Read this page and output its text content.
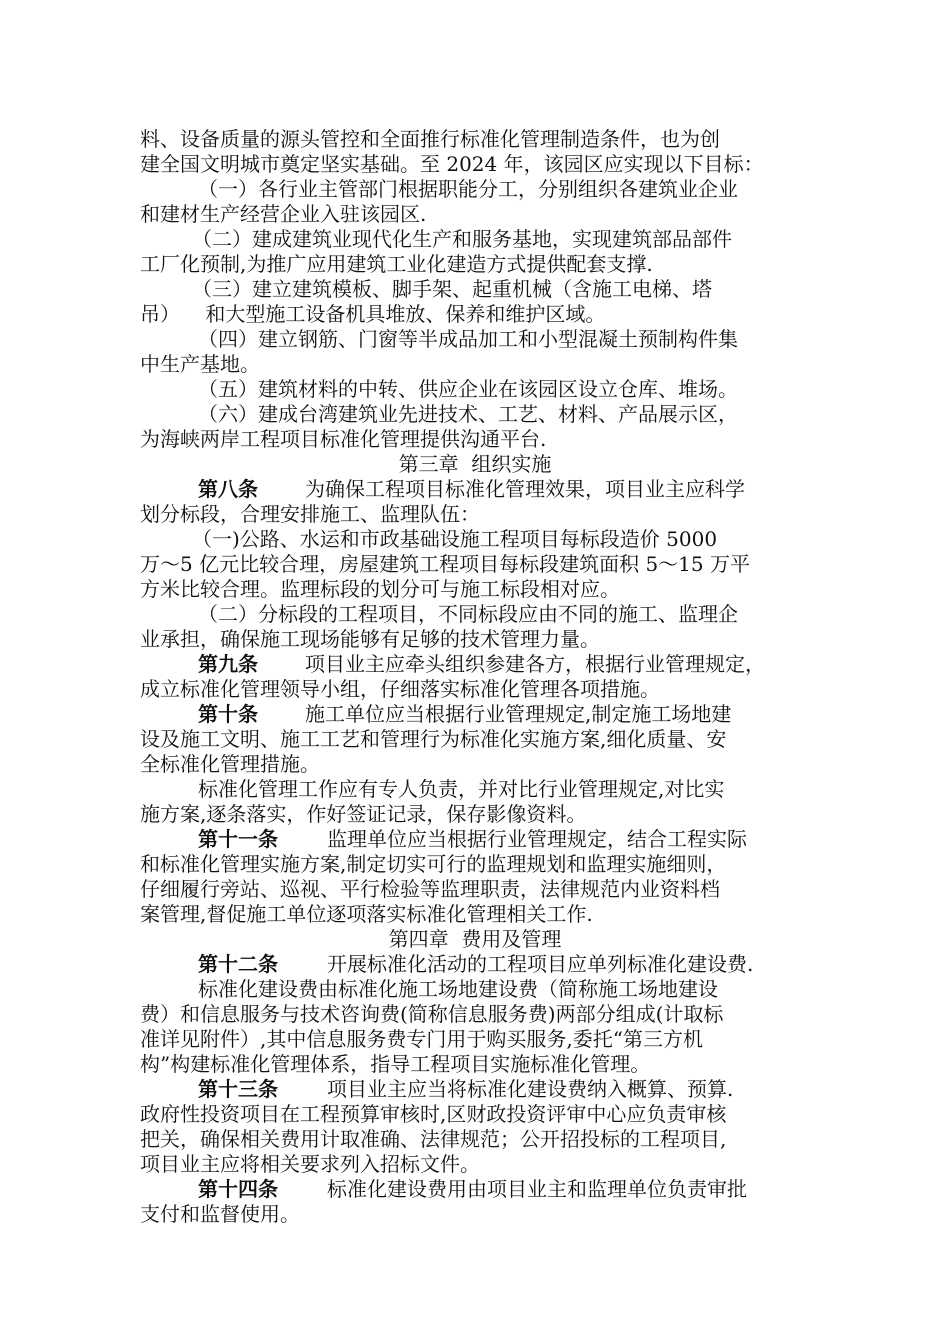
料、设备质量的源头管控和全面推行标准化管理制造条件，也为创
建全国文明城市奠定坚实基础。至 2024 年，该园区应实现以下目标：
（一）各行业主管部门根据职能分工，分别组织各建筑业企业
和建材生产经营企业入驻该园区.
（二）建成建筑业现代化生产和服务基地，实现建筑部品部件
工厂化预制,为推广应用建筑工业化建造方式提供配套支撑.
（三）建立建筑模板、脚手架、起重机械（含施工电梯、塔
吊）    和大型施工设备机具堆放、保养和维护区域。
（四）建立钢筋、门窗等半成品加工和小型混凝土预制构件集
中生产基地。
（五）建筑材料的中转、供应企业在该园区设立仓库、堆场。
（六）建成台湾建筑业先进技术、工艺、材料、产品展示区，
为海峡两岸工程项目标准化管理提供沟通平台.
第三章  组织实施
第八条 为确保工程项目标准化管理效果，项目业主应科学
划分标段，合理安排施工、监理队伍：
（一)公路、水运和市政基础设施工程项目每标段造价 5000
万～5 亿元比较合理，房屋建筑工程项目每标段建筑面积 5～15 万平
方米比较合理。监理标段的划分可与施工标段相对应。
（二）分标段的工程项目，不同标段应由不同的施工、监理企
业承担，确保施工现场能够有足够的技术管理力量。
第九条 项目业主应牵头组织参建各方，根据行业管理规定，
成立标准化管理领导小组，仔细落实标准化管理各项措施。
第十条 施工单位应当根据行业管理规定,制定施工场地建
设及施工文明、施工工艺和管理行为标准化实施方案,细化质量、安
全标准化管理措施。
标准化管理工作应有专人负责，并对比行业管理规定,对比实
施方案,逐条落实，作好签证记录，保存影像资料。
第十一条 监理单位应当根据行业管理规定，结合工程实际
和标准化管理实施方案,制定切实可行的监理规划和监理实施细则，
仔细履行旁站、巡视、平行检验等监理职责，法律规范内业资料档
案管理,督促施工单位逐项落实标准化管理相关工作.
第四章  费用及管理
第十二条 开展标准化活动的工程项目应单列标准化建设费.
标准化建设费由标准化施工场地建设费（简称施工场地建设
费）和信息服务与技术咨询费(简称信息服务费)两部分组成(计取标
准详见附件）,其中信息服务费专门用于购买服务,委托“第三方机
构”构建标准化管理体系，指导工程项目实施标准化管理。
第十三条 项目业主应当将标准化建设费纳入概算、预算.
政府性投资项目在工程预算审核时,区财政投资评审中心应负责审核
把关，确保相关费用计取准确、法律规范；公开招投标的工程项目,
项目业主应将相关要求列入招标文件。
第十四条 标准化建设费用由项目业主和监理单位负责审批
支付和监督使用。
